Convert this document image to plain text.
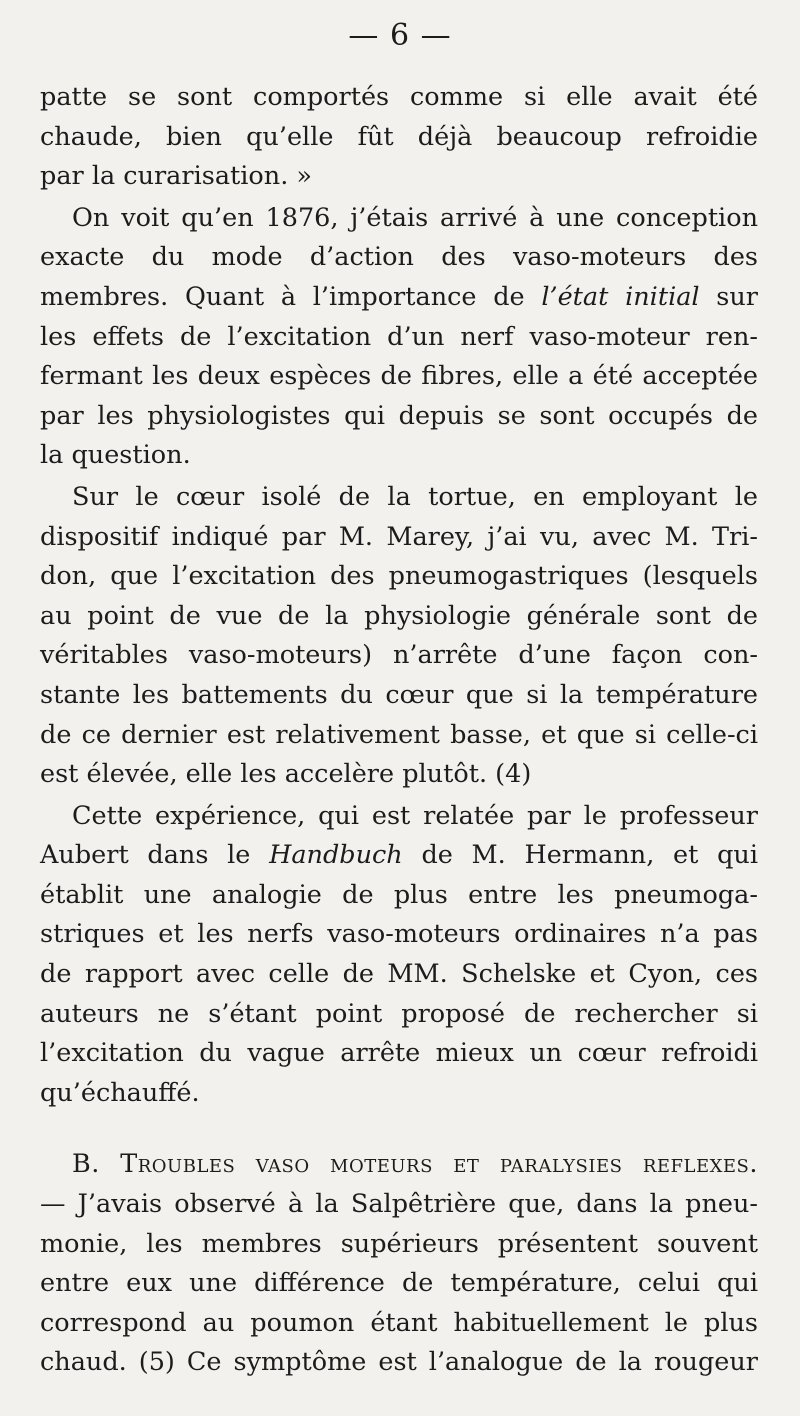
— 6 —
patte se sont comportés comme si elle avait été
chaude, bien qu’elle fût déjà beaucoup refroidie
par la curarisation. »
On voit qu’en 1876, j’étais arrivé à une conception
exacte du mode d’action des vaso-moteurs des
membres. Quant à l’importance de l’état initial sur
les effets de l’excitation d’un nerf vaso-moteur ren-
fermant les deux espèces de fibres, elle a été acceptée
par les physiologistes qui depuis se sont occupés de
la question.
Sur le cœur isolé de la tortue, en employant le
dispositif indiqué par M. Marey, j’ai vu, avec M. Tri-
don, que l’excitation des pneumogastriques (lesquels
au point de vue de la physiologie générale sont de
véritables vaso-moteurs) n’arrête d’une façon con-
stante les battements du cœur que si la température
de ce dernier est relativement basse, et que si celle-ci
est élevée, elle les accelère plutôt. (4)
Cette expérience, qui est relatée par le professeur
Aubert dans le Handbuch de M. Hermann, et qui
établit une analogie de plus entre les pneumoga-
striques et les nerfs vaso-moteurs ordinaires n’a pas
de rapport avec celle de MM. Schelske et Cyon, ces
auteurs ne s’étant point proposé de rechercher si
l’excitation du vague arrête mieux un cœur refroidi
qu’échauffé.
B. Troubles vaso moteurs et paralysies reflexes.
— J’avais observé à la Salpêtrière que, dans la pneu-
monie, les membres supérieurs présentent souvent
entre eux une différence de température, celui qui
correspond au poumon étant habituellement le plus
chaud. (5) Ce symptôme est l’analogue de la rougeur
